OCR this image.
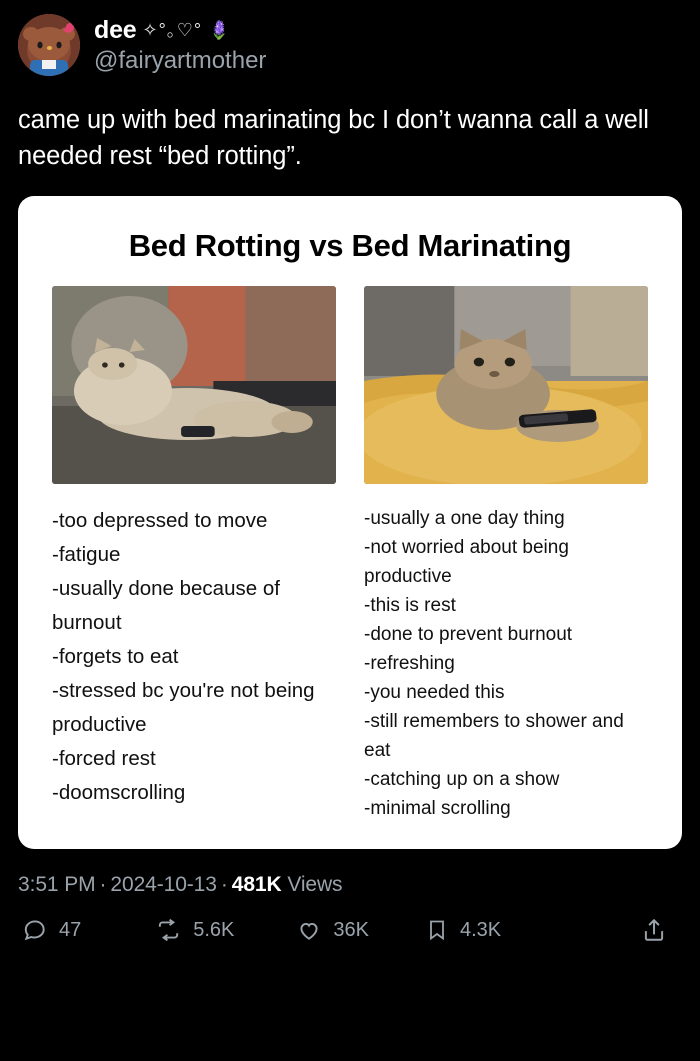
dee ✧°｡♡° 🪻
@fairyartmother
came up with bed marinating bc I don’t wanna call a well needed rest “bed rotting”.
Bed Rotting vs Bed Marinating
-too depressed to move
-fatigue
-usually done because of burnout
-forgets to eat
-stressed bc you're not being productive
-forced rest
-doomscrolling
-usually a one day thing
-not worried about being productive
-this is rest
-done to prevent burnout
-refreshing
-you needed this
-still remembers to shower and eat
-catching up on a show
-minimal scrolling
3:51 PM · 2024-10-13 · 481K Views
47	5.6K	36K	4.3K
